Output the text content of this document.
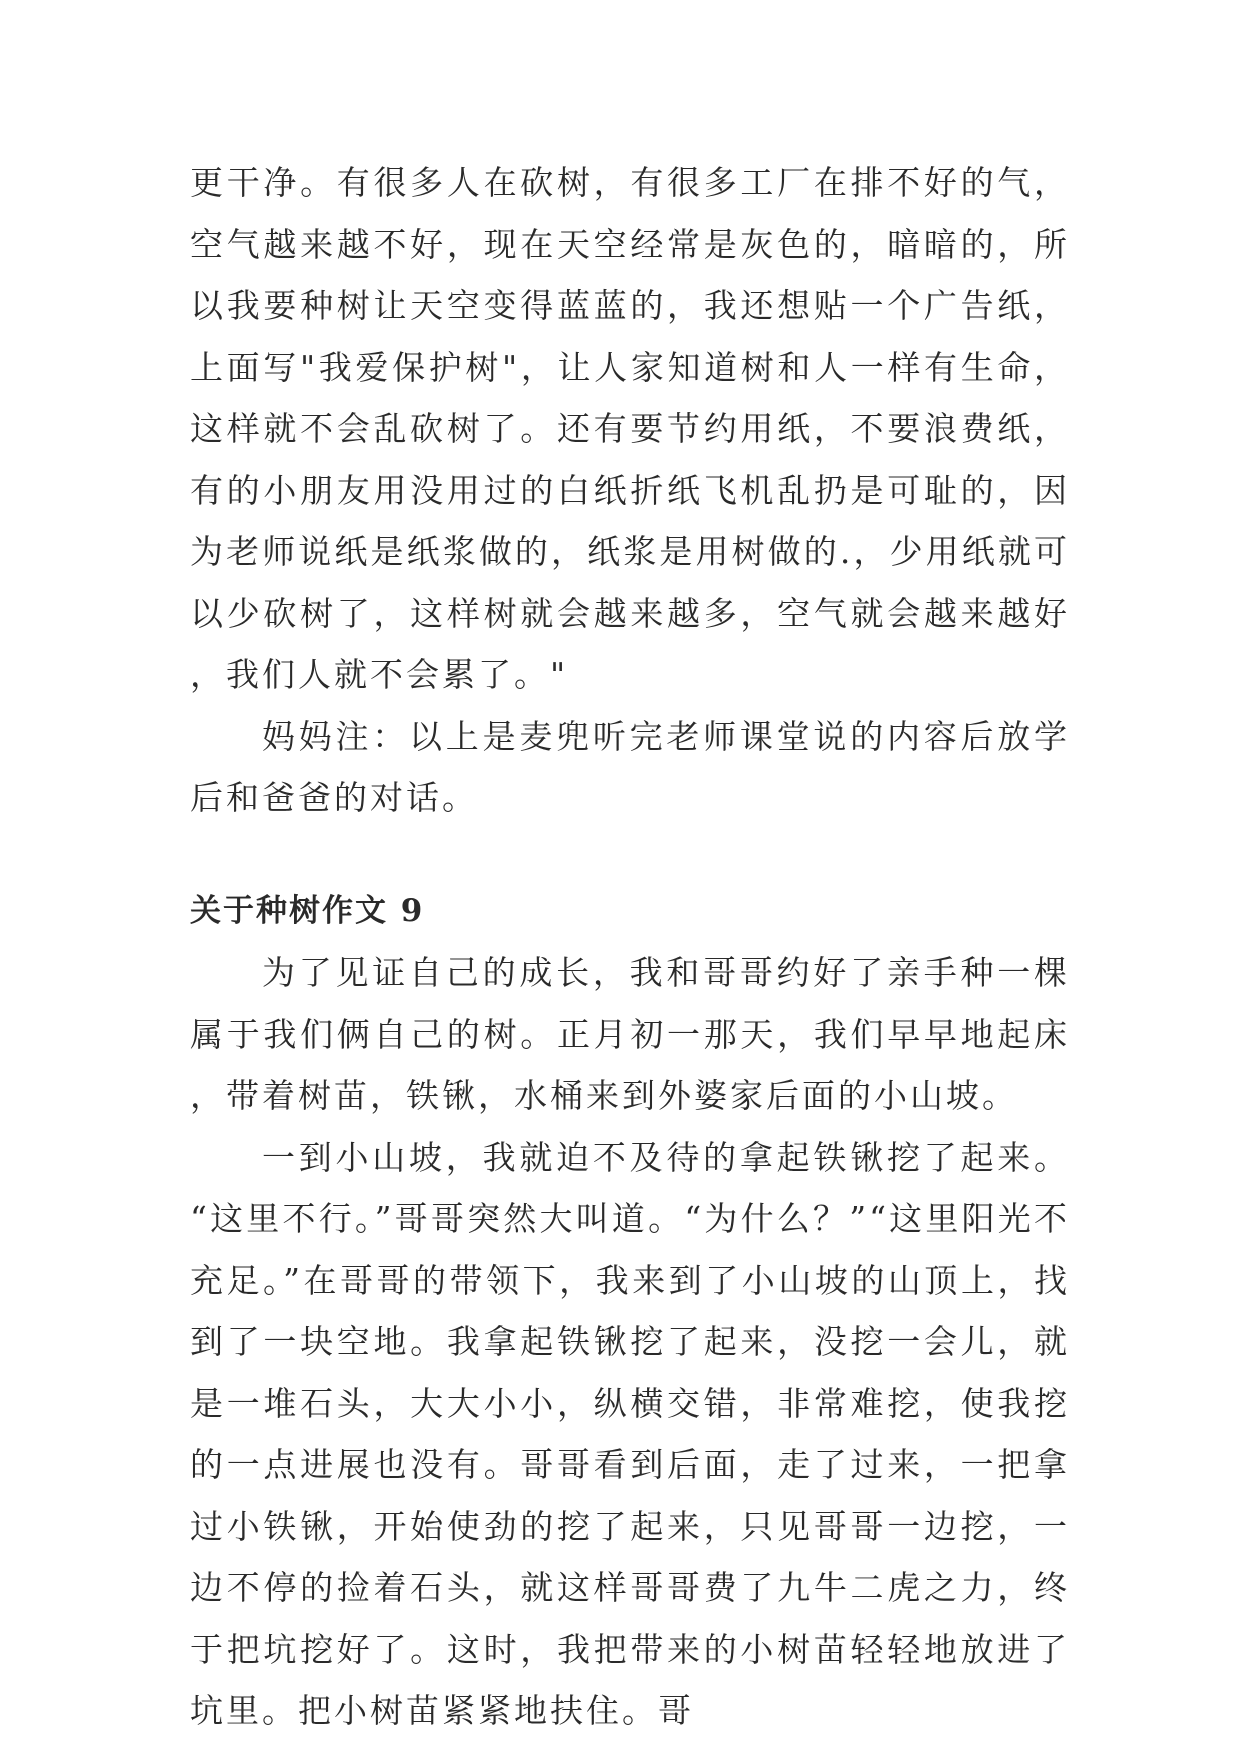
更干净。有很多人在砍树，有很多工厂在排不好的气，空气越来越不好，现在天空经常是灰色的，暗暗的，所以我要种树让天空变得蓝蓝的，我还想贴一个广告纸，上面写"我爱保护树"，让人家知道树和人一样有生命，这样就不会乱砍树了。还有要节约用纸，不要浪费纸，有的小朋友用没用过的白纸折纸飞机乱扔是可耻的，因为老师说纸是纸浆做的，纸浆是用树做的.，少用纸就可以少砍树了，这样树就会越来越多，空气就会越来越好，我们人就不会累了。"

妈妈注：以上是麦兜听完老师课堂说的内容后放学后和爸爸的对话。

关于种树作文 9

为了见证自己的成长，我和哥哥约好了亲手种一棵属于我们俩自己的树。正月初一那天，我们早早地起床，带着树苗，铁锹，水桶来到外婆家后面的小山坡。

一到小山坡，我就迫不及待的拿起铁锹挖了起来。“这里不行。”哥哥突然大叫道。“为什么？”“这里阳光不充足。”在哥哥的带领下，我来到了小山坡的山顶上，找到了一块空地。我拿起铁锹挖了起来，没挖一会儿，就是一堆石头，大大小小，纵横交错，非常难挖，使我挖的一点进展也没有。哥哥看到后面，走了过来，一把拿过小铁锹，开始使劲的挖了起来，只见哥哥一边挖，一边不停的捡着石头，就这样哥哥费了九牛二虎之力，终于把坑挖好了。这时，我把带来的小树苗轻轻地放进了坑里。把小树苗紧紧地扶住。哥
